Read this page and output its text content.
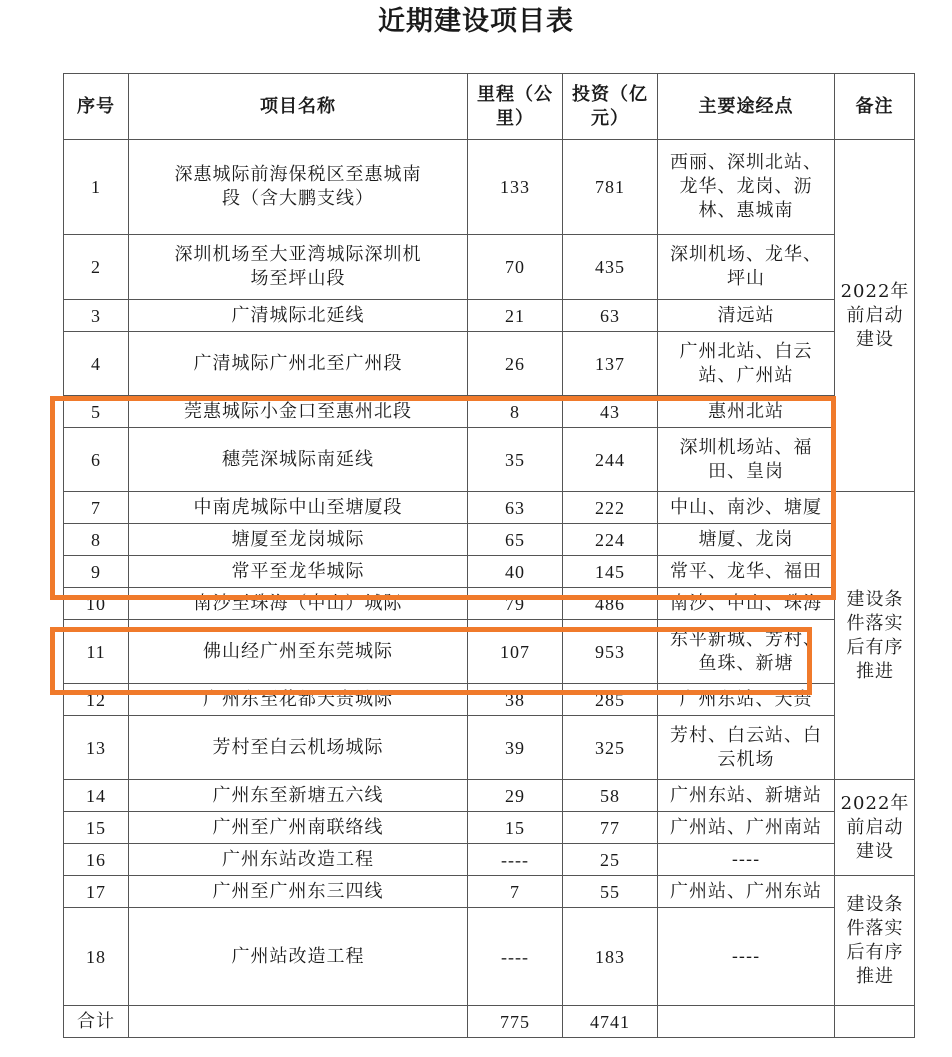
近期建设项目表
序号	项目名称	里程（公里）	投资（亿元）	主要途经点	备注
1	深惠城际前海保税区至惠城南段（含大鹏支线）	133	781	西丽、深圳北站、龙华、龙岗、沥林、惠城南	2022年前启动建设

2	深圳机场至大亚湾城际深圳机场至坪山段	70	435	深圳机场、龙华、坪山	

3	广清城际北延线	21	63	清远站	
4	广清城际广州北至广州段	26	137	广州北站、白云站、广州站	

5	莞惠城际小金口至惠州北段	8	43	惠州北站	
6	穗莞深城际南延线	35	244	深圳机场站、福田、皇岗	

7	中南虎城际中山至塘厦段	63	222	中山、南沙、塘厦	建设条件落实后有序推进

8	塘厦至龙岗城际	65	224	塘厦、龙岗	
9	常平至龙华城际	40	145	常平、龙华、福田	
10	南沙至珠海（中山）城际	79	486	南沙、中山、珠海	
11	佛山经广州至东莞城际	107	953	东平新城、芳村、鱼珠、新塘	

12	广州东至花都天贵城际	38	285	广州东站、天贵	
13	芳村至白云机场城际	39	325	芳村、白云站、白云机场	

14	广州东至新塘五六线	29	58	广州东站、新塘站	2022年前启动建设

15	广州至广州南联络线	15	77	广州站、广州南站	
16	广州东站改造工程	----	25	----	
17	广州至广州东三四线	7	55	广州站、广州东站	建设条件落实后有序推进

18	广州站改造工程	----	183	----	
合计		775	4741		
